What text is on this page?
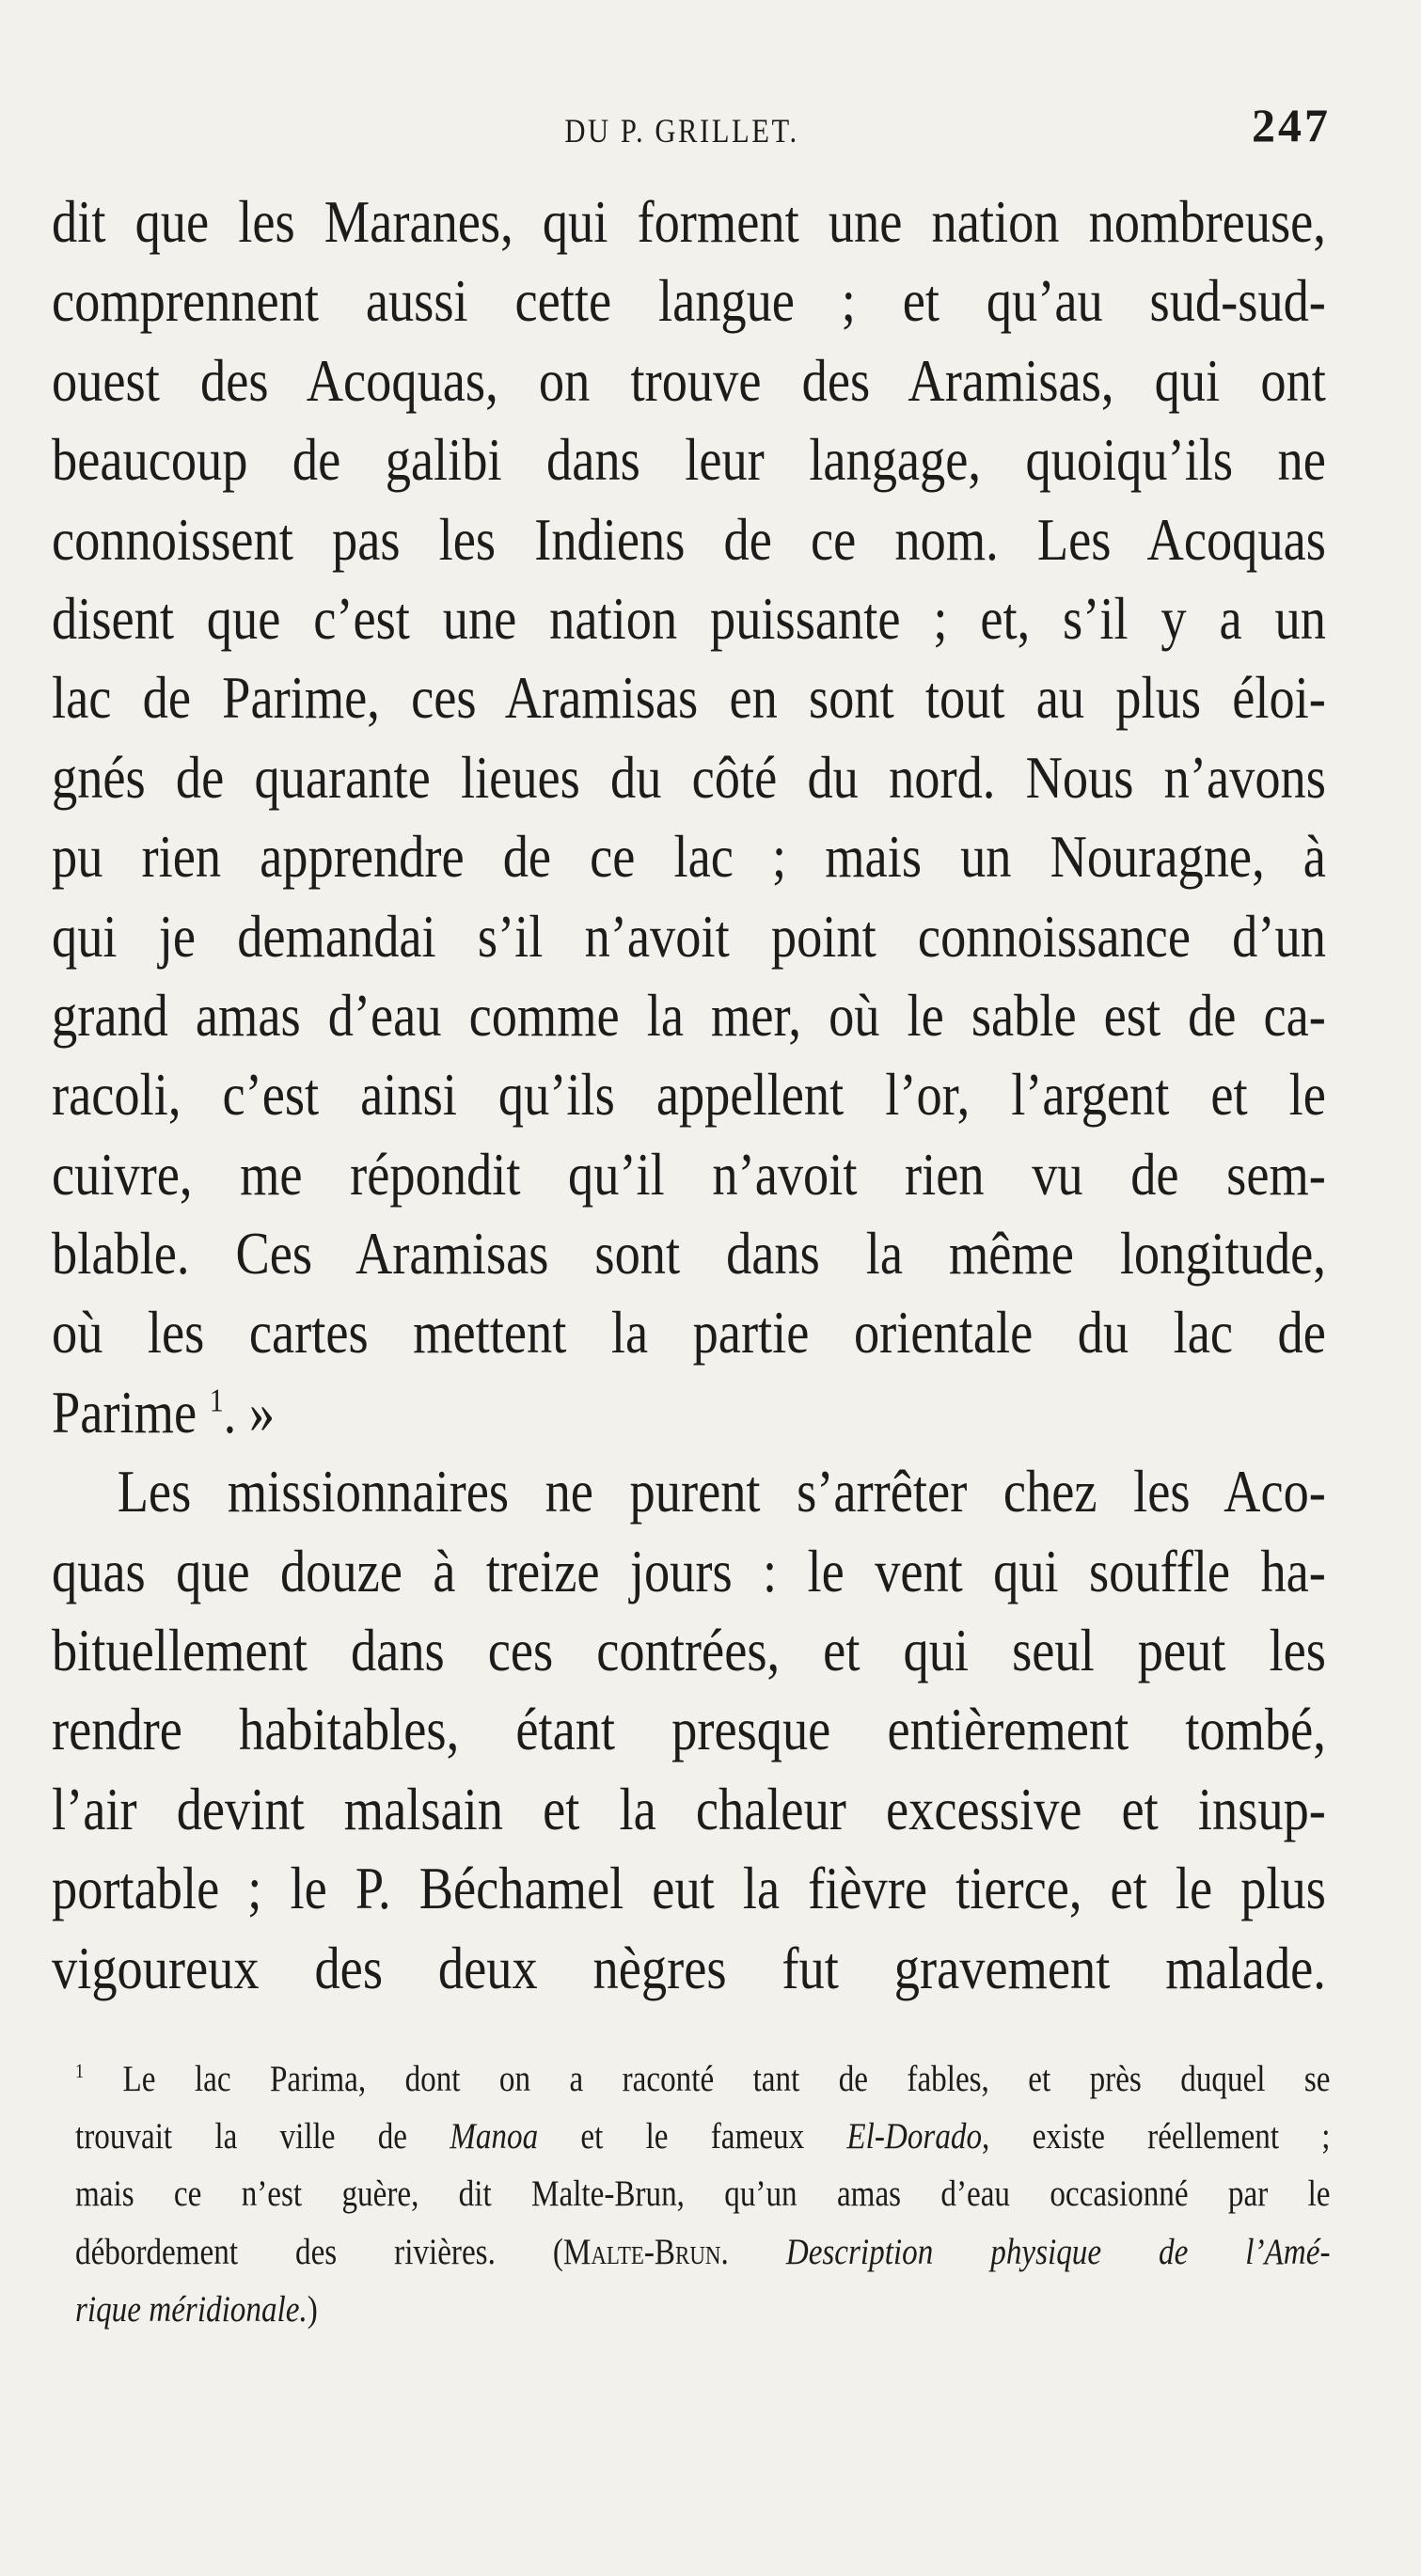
DU P. GRILLET.	247
dit que les Maranes, qui forment une nation nombreuse,
comprennent aussi cette langue ; et qu’au sud-sud-
ouest des Acoquas, on trouve des Aramisas, qui ont
beaucoup de galibi dans leur langage, quoiqu’ils ne
connoissent pas les Indiens de ce nom. Les Acoquas
disent que c’est une nation puissante ; et, s’il y a un
lac de Parime, ces Aramisas en sont tout au plus éloi-
gnés de quarante lieues du côté du nord. Nous n’avons
pu rien apprendre de ce lac ; mais un Nouragne, à
qui je demandai s’il n’avoit point connoissance d’un
grand amas d’eau comme la mer, où le sable est de ca-
racoli, c’est ainsi qu’ils appellent l’or, l’argent et le
cuivre, me répondit qu’il n’avoit rien vu de sem-
blable. Ces Aramisas sont dans la même longitude,
où les cartes mettent la partie orientale du lac de
Parime $^1$. »
Les missionnaires ne purent s’arrêter chez les Aco-
quas que douze à treize jours : le vent qui souffle ha-
bituellement dans ces contrées, et qui seul peut les
rendre habitables, étant presque entièrement tombé,
l’air devint malsain et la chaleur excessive et insup-
portable ; le P. Béchamel eut la fièvre tierce, et le plus
vigoureux des deux nègres fut gravement malade.
$^1$ Le lac Parima, dont on a raconté tant de fables, et près duquel se
trouvait la ville de Manoa et le fameux El-Dorado, existe réellement ;
mais ce n’est guère, dit Malte-Brun, qu’un amas d’eau occasionné par le
débordement des rivières. (Malte-Brun. Description physique de l’Amé-
rique méridionale.)
